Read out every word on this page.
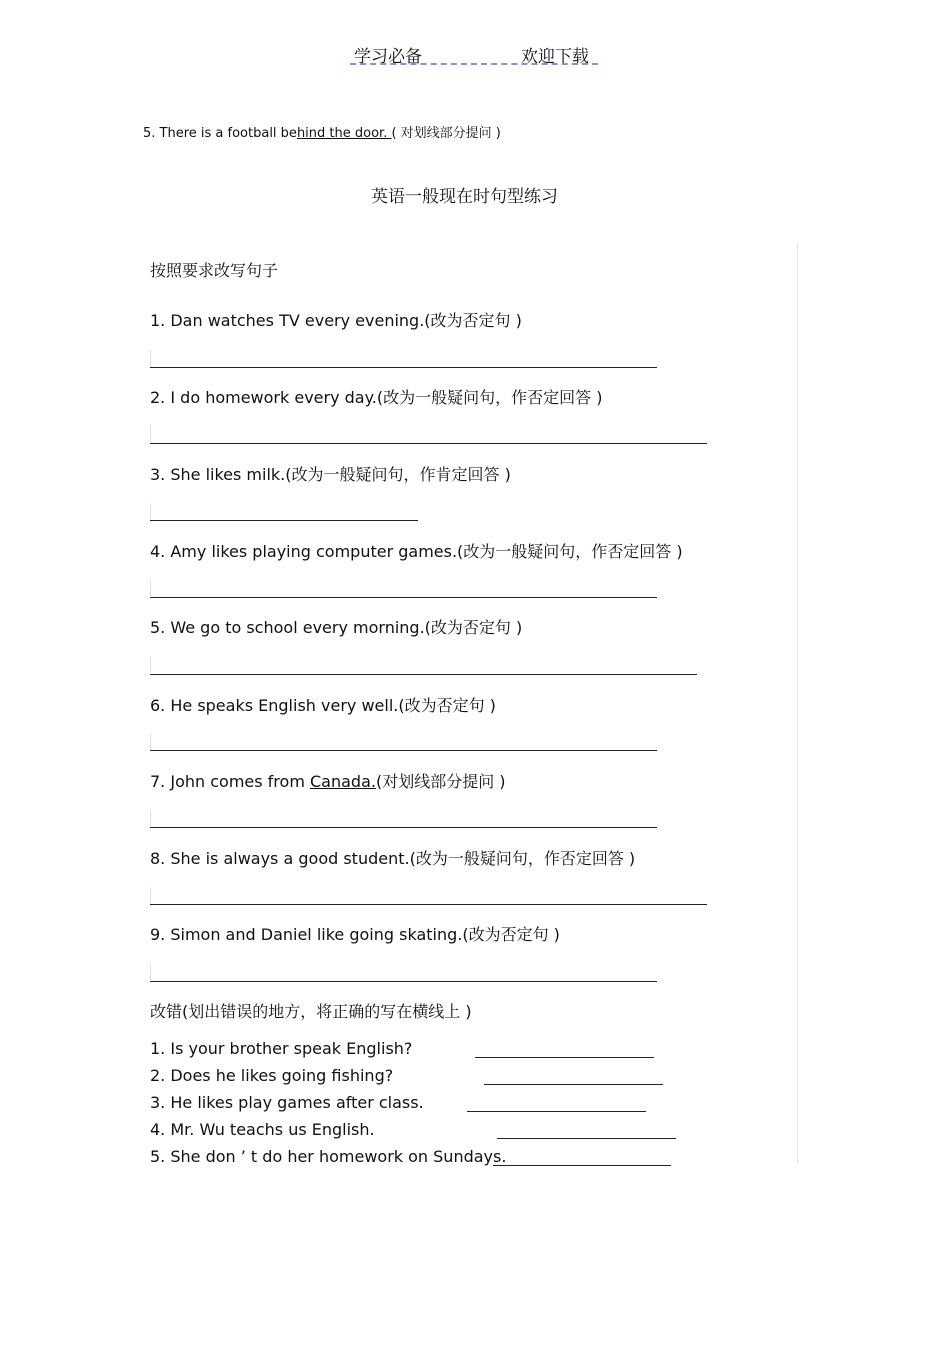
学习必备	欢迎下载
5. There is a football behind the door. ( 对划线部分提问 )
英语一般现在时句型练习
按照要求改写句子
1. Dan watches TV every evening.(改为否定句 )
2. I do homework every day.(改为一般疑问句，作否定回答 )
3. She likes milk.(改为一般疑问句，作肯定回答 )
4. Amy likes playing computer games.(改为一般疑问句，作否定回答 )
5. We go to school every morning.(改为否定句 )
6. He speaks English very well.(改为否定句 )
7. John comes from Canada.(对划线部分提问 )
8. She is always a good student.(改为一般疑问句，作否定回答 )
9. Simon and Daniel like going skating.(改为否定句 )
改错(划出错误的地方，将正确的写在横线上 )
1. Is your brother speak English?
2. Does he likes going fishing?
3. He likes play games after class.
4. Mr. Wu teachs us English.
5. She don ’ t do her homework on Sundays.
